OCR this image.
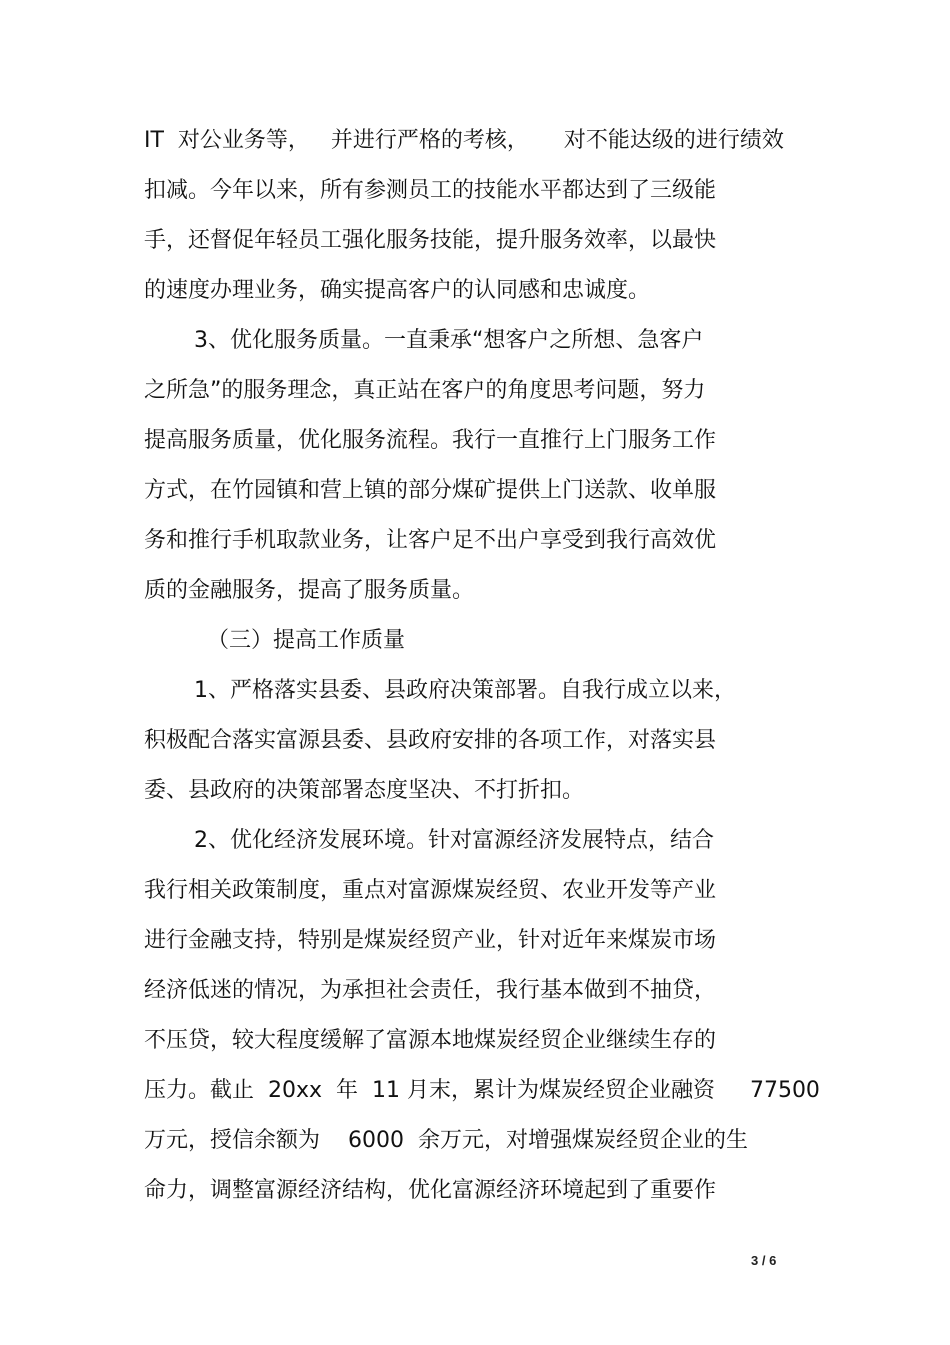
IT  对公业务等，   并进行严格的考核，     对不能达级的进行绩效
扣减。今年以来，所有参测员工的技能水平都达到了三级能
手，还督促年轻员工强化服务技能，提升服务效率，以最快
的速度办理业务，确实提高客户的认同感和忠诚度。
3、优化服务质量。一直秉承“想客户之所想、急客户
之所急”的服务理念，真正站在客户的角度思考问题，努力
提高服务质量，优化服务流程。我行一直推行上门服务工作
方式，在竹园镇和营上镇的部分煤矿提供上门送款、收单服
务和推行手机取款业务，让客户足不出户享受到我行高效优
质的金融服务，提高了服务质量。
（三）提高工作质量
1、严格落实县委、县政府决策部署。自我行成立以来，
积极配合落实富源县委、县政府安排的各项工作，对落实县
委、县政府的决策部署态度坚决、不打折扣。
2、优化经济发展环境。针对富源经济发展特点，结合
我行相关政策制度，重点对富源煤炭经贸、农业开发等产业
进行金融支持，特别是煤炭经贸产业，针对近年来煤炭市场
经济低迷的情况，为承担社会责任，我行基本做到不抽贷，
不压贷，较大程度缓解了富源本地煤炭经贸企业继续生存的
压力。截止  20xx  年  11 月末，累计为煤炭经贸企业融资     77500
万元，授信余额为    6000  余万元，对增强煤炭经贸企业的生
命力，调整富源经济结构，优化富源经济环境起到了重要作
3 / 6
